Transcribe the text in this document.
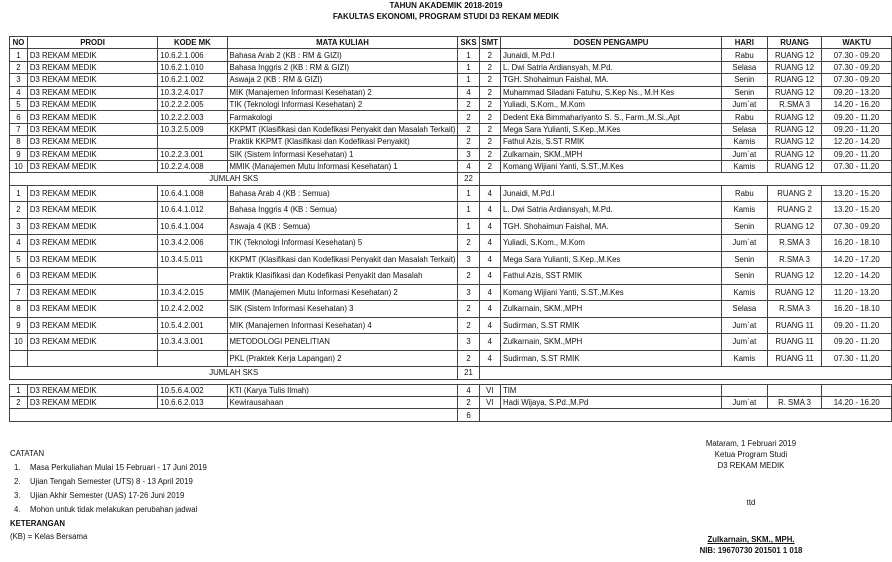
TAHUN AKADEMIK 2018-2019
FAKULTAS EKONOMI, PROGRAM STUDI D3 REKAM MEDIK
NO	PRODI	KODE MK	MATA KULIAH	SKS	SMT	DOSEN PENGAMPU	HARI	RUANG	WAKTU
1	D3 REKAM MEDIK	10.6.2.1.006	Bahasa Arab 2 (KB : RM & GIZI)	1	2	Junaidi, M.Pd.I	Rabu	RUANG 12	07.30 - 09.20
2	D3 REKAM MEDIK	10.6.2.1.010	Bahasa Inggris 2 (KB : RM & GIZI)	1	2	L. Dwi Satria Ardiansyah, M.Pd.	Selasa	RUANG 12	07.30 - 09.20
3	D3 REKAM MEDIK	10.6.2.1.002	Aswaja 2 (KB : RM & GIZI)	1	2	TGH. Shohaimun Faishal, MA.	Senin	RUANG 12	07.30 - 09.20
4	D3 REKAM MEDIK	10.3.2.4.017	MIK (Manajemen Informasi Kesehatan) 2	4	2	Muhammad Siladani Fatuhu, S.Kep Ns., M.H Kes	Senin	RUANG 12	09.20 - 13.20
5	D3 REKAM MEDIK	10.2.2.2.005	TIK (Teknologi Informasi Kesehatan) 2	2	2	Yuliadi, S.Kom., M.Kom	Jum`at	R.SMA 3	14.20 - 16.20
6	D3 REKAM MEDIK	10.2.2.2.003	Farmakologi	2	2	Dedent Eka Bimmahariyanto S. S., Farm.,M.Si.,Apt	Rabu	RUANG 12	09.20 - 11.20
7	D3 REKAM MEDIK	10.3.2.5.009	KKPMT (Klasifikasi dan Kodefikasi Penyakit dan Masalah Terkait)	2	2	Mega Sara Yulianti, S.Kep.,M.Kes	Selasa	RUANG 12	09.20 - 11.20
8	D3 REKAM MEDIK		Praktik KKPMT (Klasifikasi dan Kodefikasi Penyakit)	2	2	Fathul Azis, S.ST RMIK	Kamis	RUANG 12	12.20 - 14.20
9	D3 REKAM MEDIK	10.2.2.3.001	SIK (Sistem Informasi Kesehatan) 1	3	2	Zulkarnain, SKM.,MPH	Jum`at	RUANG 12	09.20 - 11.20
10	D3 REKAM MEDIK	10.2.2.4.008	MMIK (Manajemen Mutu Informasi Kesehatan) 1	4	2	Komang Wijiani Yanti, S.ST.,M.Kes	Kamis	RUANG 12	07.30 - 11.20
JUMLAH SKS				22					
1	D3 REKAM MEDIK	10.6.4.1.008	Bahasa Arab 4 (KB : Semua)	1	4	Junaidi, M.Pd.I	Rabu	RUANG 2	13.20 - 15.20
2	D3 REKAM MEDIK	10.6.4.1.012	Bahasa Inggris 4 (KB : Semua)	1	4	L. Dwi Satria Ardiansyah, M.Pd.	Kamis	RUANG 2	13.20 - 15.20
3	D3 REKAM MEDIK	10.6.4.1.004	Aswaja 4 (KB : Semua)	1	4	TGH. Shohaimun Faishal, MA.	Senin	RUANG 12	07.30 - 09.20
4	D3 REKAM MEDIK	10.3.4.2.006	TIK (Teknologi Informasi Kesehatan) 5	2	4	Yuliadi, S.Kom., M.Kom	Jum`at	R.SMA 3	16.20 - 18.10
5	D3 REKAM MEDIK	10.3.4.5.011	KKPMT (Klasifikasi dan Kodefikasi Penyakit dan Masalah Terkait)	3	4	Mega Sara Yulianti, S.Kep.,M.Kes	Senin	R.SMA 3	14.20 - 17.20
6	D3 REKAM MEDIK		Praktik Klasifikasi dan Kodefikasi Penyakit dan Masalah	2	4	Fathul Azis, SST RMIK	Senin	RUANG 12	12.20 - 14.20
7	D3 REKAM MEDIK	10.3.4.2.015	MMIK (Manajemen Mutu Informasi Kesehatan) 2	3	4	Komang Wijiani Yanti, S.ST.,M.Kes	Kamis	RUANG 12	11.20 - 13.20
8	D3 REKAM MEDIK	10.2.4.2.002	SIK (Sistem Informasi Kesehatan) 3	2	4	Zulkarnain, SKM.,MPH	Selasa	R.SMA 3	16.20 - 18.10
9	D3 REKAM MEDIK	10.5.4.2.001	MIK (Manajemen Informasi Kesehatan) 4	2	4	Sudirman, S.ST RMIK	Jum`at	RUANG 11	09.20 - 11.20
10	D3 REKAM MEDIK	10.3.4.3.001	METODOLOGI PENELITIAN	3	4	Zulkarnain, SKM.,MPH	Jum`at	RUANG 11	09.20 - 11.20
			PKL (Praktek Kerja Lapangan) 2	2	4	Sudirman, S.ST RMIK	Kamis	RUANG 11	07.30 - 11.20
JUMLAH SKS				21					

1	D3 REKAM MEDIK	10.5.6.4.002	KTI (Karya Tulis Ilmah)	4	VI	TIM			
2	D3 REKAM MEDIK	10.6.6.2.013	Kewirausahaan	2	VI	Hadi Wijaya, S.Pd.,M.Pd	Jum`at	R. SMA 3	14.20 - 16.20
				6					
CATATAN
1. Masa Perkuliahan Mulai 15 Februari - 17 Juni 2019
2. Ujian Tengah Semester (UTS) 8 - 13 April 2019
3. Ujian Akhir Semester (UAS) 17-26 Juni 2019
4. Mohon untuk tidak melakukan perubahan jadwal
KETERANGAN
(KB) = Kelas Bersama
Mataram, 1 Februari 2019
Ketua Program Studi
D3 REKAM MEDIK
ttd
Zulkarnain, SKM., MPH.
NIB: 19670730 201501 1 018
